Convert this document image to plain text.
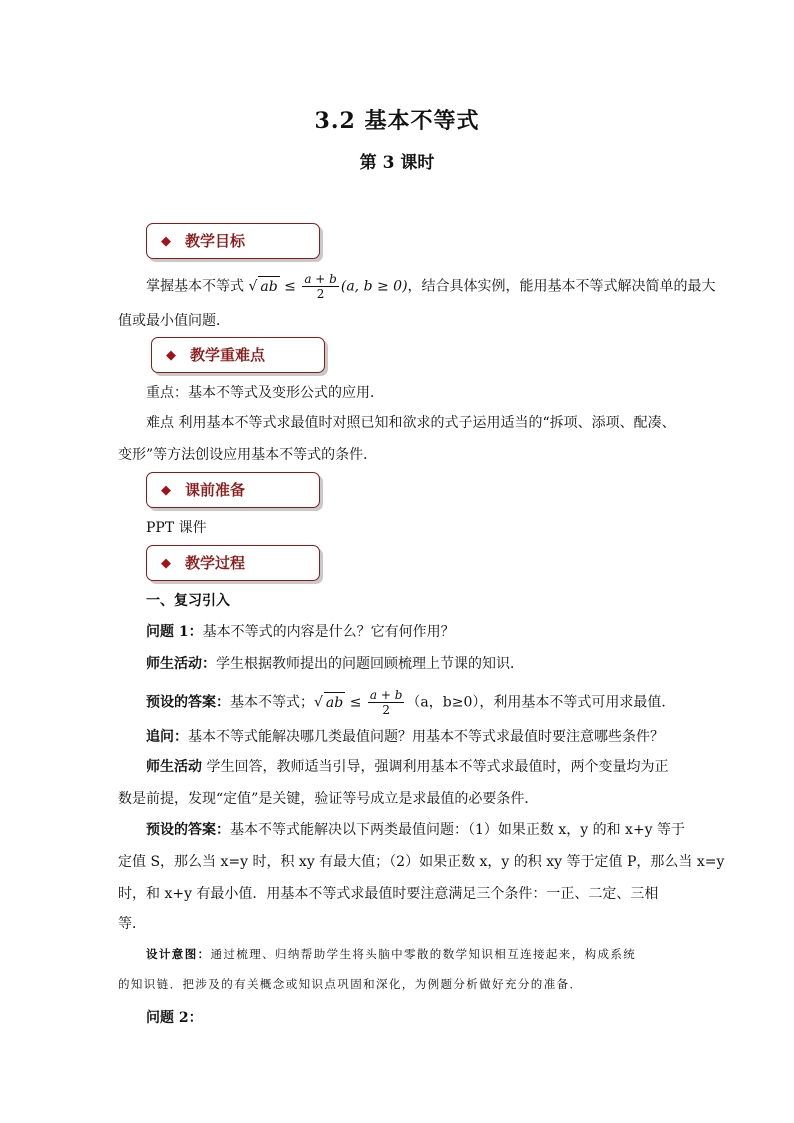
3.2 基本不等式
第 3 课时
◆ 教学目标
掌握基本不等式 √ ab ≤ $\frac{a + b}{2} (a$, b ≥ 0)，结合具体实例，能用基本不等式解决简单的最大
值或最小值问题．
◆ 教学重难点
重点：基本不等式及变形公式的应用．
难点 利用基本不等式求最值时对照已知和欲求的式子运用适当的“拆项、添项、配凑、
变形”等方法创设应用基本不等式的条件．
◆ 课前准备
PPT 课件
◆ 教学过程
一、复习引入
问题 1：基本不等式的内容是什么？它有何作用？
师生活动：学生根据教师提出的问题回顾梳理上节课的知识．
预设的答案：基本不等式；√ ab ≤ $\frac{a + b}{2} (a$，b≥0），利用基本不等式可用求最值．
追问：基本不等式能解决哪几类最值问题？用基本不等式求最值时要注意哪些条件？
师生活动 学生回答，教师适当引导，强调利用基本不等式求最值时，两个变量均为正
数是前提，发现“定值”是关键，验证等号成立是求最值的必要条件．
预设的答案：基本不等式能解决以下两类最值问题：（1）如果正数 x，y 的和 x+y 等于
定值 S，那么当 x=y 时，积 xy 有最大值；（2）如果正数 x，y 的积 xy 等于定值 P，那么当 x=y
时，和 x+y 有最小值．用基本不等式求最值时要注意满足三个条件：一正、二定、三相
等．
设计意图：通过梳理、归纳帮助学生将头脑中零散的数学知识相互连接起来，构成系统
的知识链．把涉及的有关概念或知识点巩固和深化，为例题分析做好充分的准备．
问题 2：
